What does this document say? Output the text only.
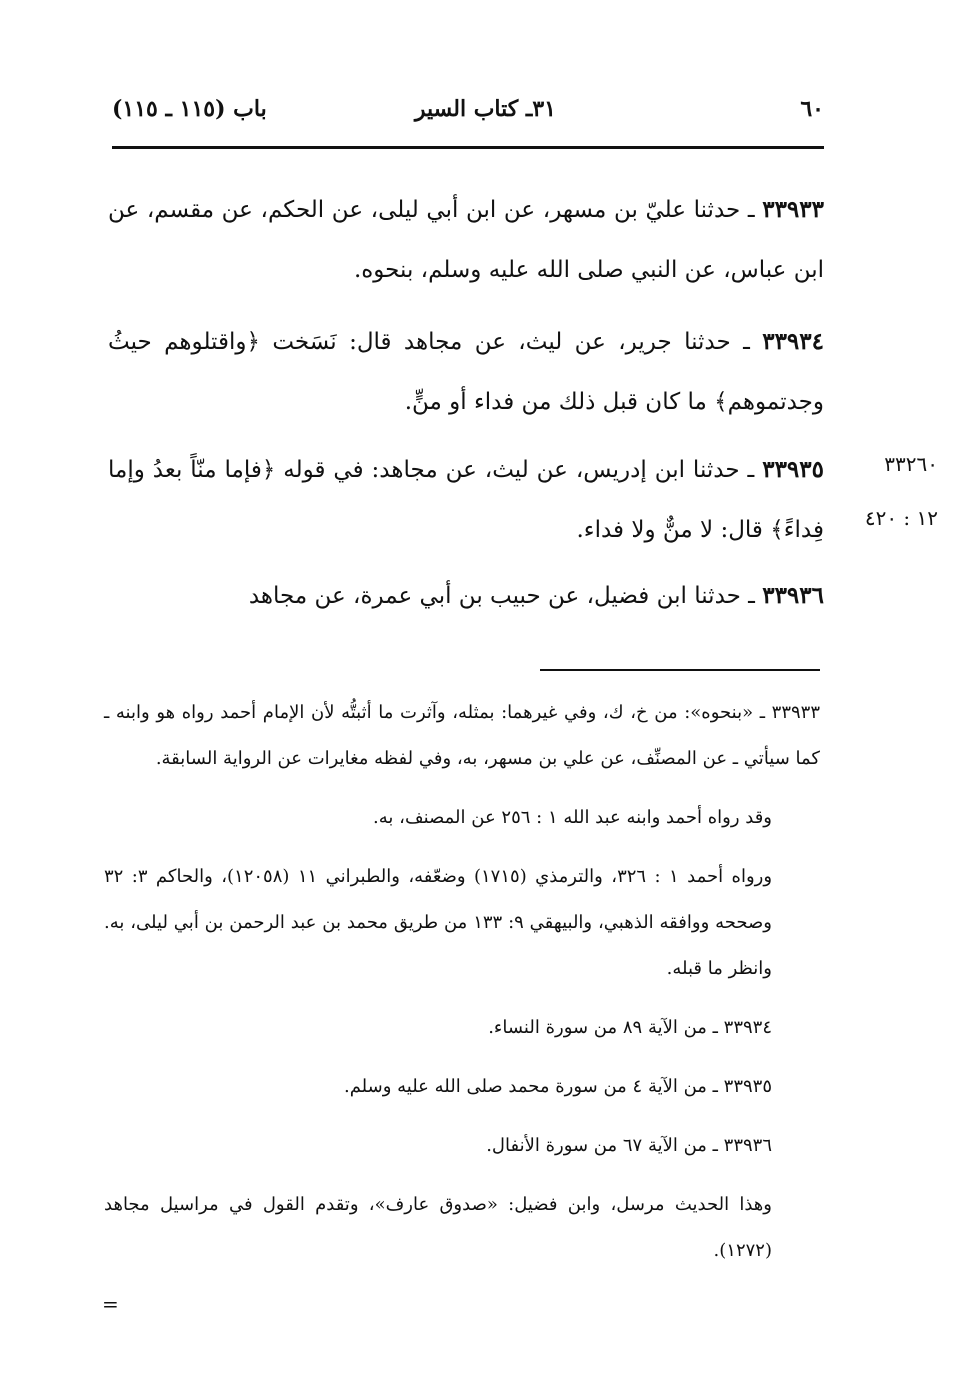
٦٠
٣١ـ كتاب السير
باب (١١٥ ـ ١١٥)

٣٣٩٣٣ ـ حدثنا عليّ بن مسهر، عن ابن أبي ليلى، عن الحكم، عن مقسم، عن ابن عباس، عن النبي صلى الله عليه وسلم، بنحوه.

٣٣٩٣٤ ـ حدثنا جرير، عن ليث، عن مجاهد قال: نَسَخت ﴿واقتلوهم حيثُ وجدتموهم﴾ ما كان قبل ذلك من فداء أو منٍّ.

٣٣٩٣٥ ـ حدثنا ابن إدريس، عن ليث، عن مجاهد: في قوله ﴿فإما منّاً بعدُ وإما فِداءً﴾ قال: لا منٌّ ولا فداء.

٣٣٩٣٦ ـ حدثنا ابن فضيل، عن حبيب بن أبي عمرة، عن مجاهد

٣٣٢٦٠
١٢ : ٤٢٠

٣٣٩٣٣ ـ «بنحوه»: من خ، ك، وفي غيرهما: بمثله، وآثرت ما أثبتُّه لأن الإمام أحمد رواه هو وابنه ـ كما سيأتي ـ عن المصنِّف، عن علي بن مسهر، به، وفي لفظه مغايرات عن الرواية السابقة.

وقد رواه أحمد وابنه عبد الله ١ : ٢٥٦ عن المصنف، به.

ورواه أحمد ١ : ٣٢٦، والترمذي (١٧١٥) وضعّفه، والطبراني ١١ (١٢٠٥٨)، والحاكم ٣: ٣٢ وصححه ووافقه الذهبي، والبيهقي ٩: ١٣٣ من طريق محمد بن عبد الرحمن بن أبي ليلى، به. وانظر ما قبله.

٣٣٩٣٤ ـ من الآية ٨٩ من سورة النساء.

٣٣٩٣٥ ـ من الآية ٤ من سورة محمد صلى الله عليه وسلم.

٣٣٩٣٦ ـ من الآية ٦٧ من سورة الأنفال.

وهذا الحديث مرسل، وابن فضيل: «صدوق عارف»، وتقدم القول في مراسيل مجاهد (١٢٧٢).

=
